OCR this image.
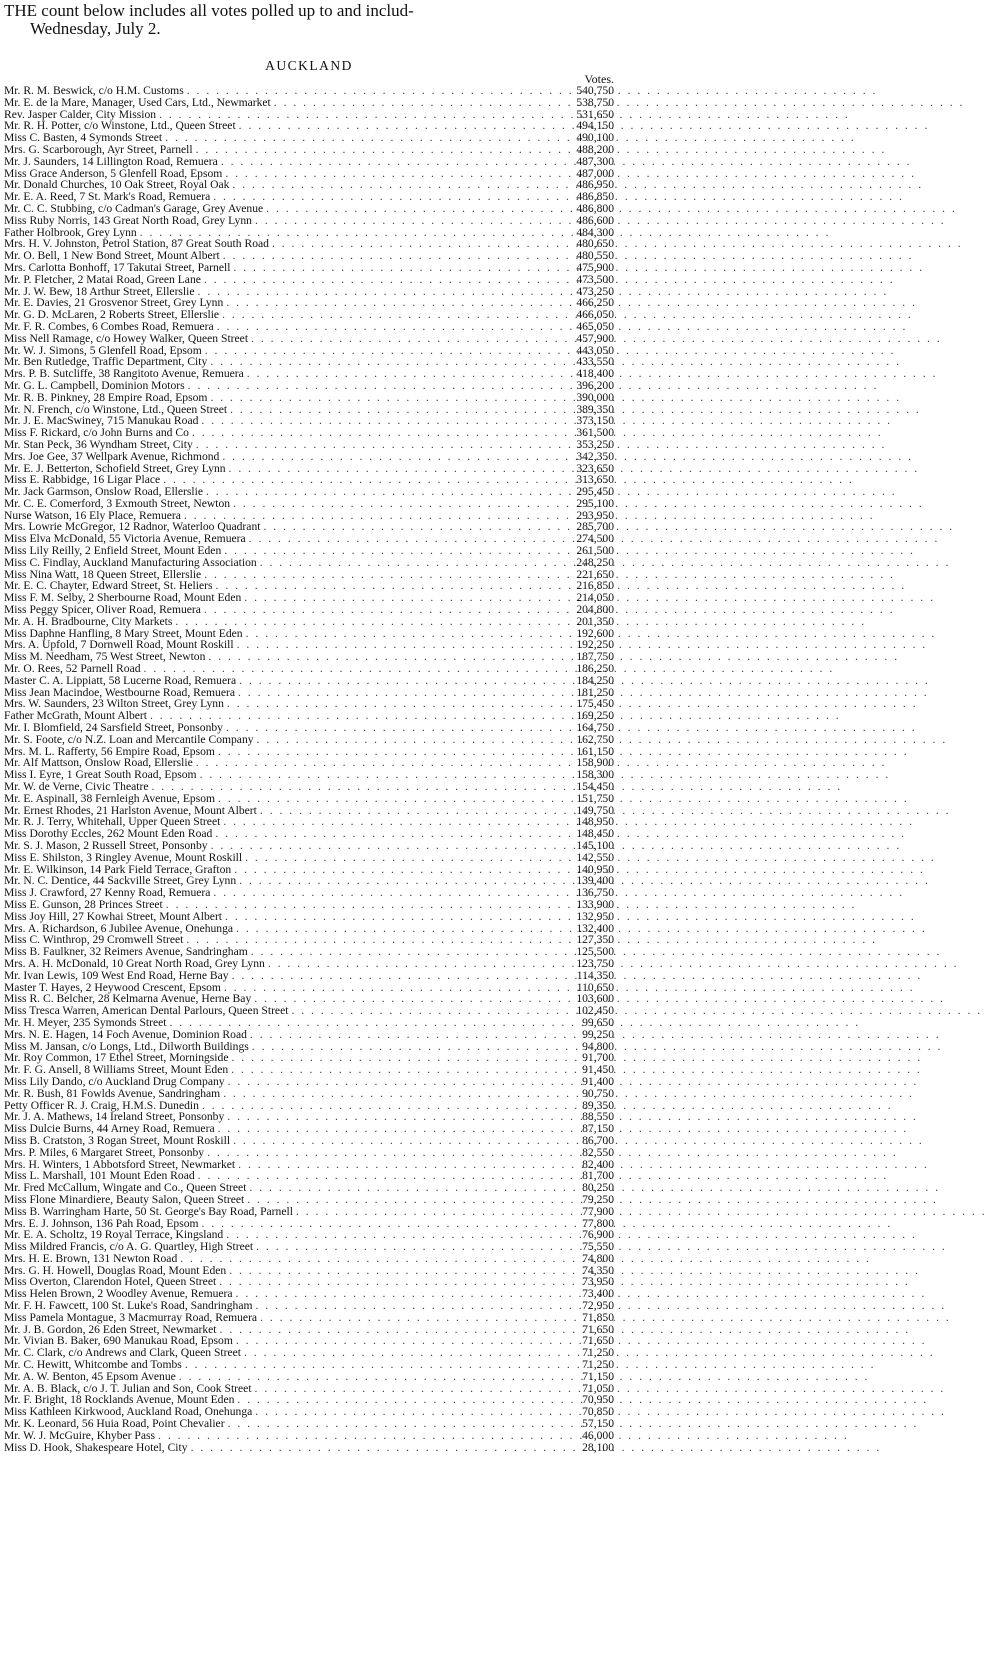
THE count below includes all votes polled up to and includ-
Wednesday, July 2.
AUCKLAND
Votes.
Mr. R. M. Beswick, c/o H.M. Customs . . .	540,750
Mr. E. de la Mare, Manager, Used Cars, Ltd., Newmarket . . .	538,750
Rev. Jasper Calder, City Mission . . .	531,650
Mr. R. H. Potter, c/o Winstone, Ltd., Queen Street . . .	494,150
Miss C. Basten, 4 Symonds Street . . .	490,100
Mrs. G. Scarborough, Ayr Street, Parnell . . .	488,200
Mr. J. Saunders, 14 Lillington Road, Remuera . . .	487,300
Miss Grace Anderson, 5 Glenfell Road, Epsom . . .	487,000
Mr. Donald Churches, 10 Oak Street, Royal Oak . . .	486,950
Mr. E. A. Reed, 7 St. Mark's Road, Remuera . . .	486,850
Mr. C. C. Stubbing, c/o Cadman's Garage, Grey Avenue . . .	486,800
Miss Ruby Norris, 143 Great North Road, Grey Lynn . . .	486,600
Father Holbrook, Grey Lynn . . .	484,300
Mrs. H. V. Johnston, Petrol Station, 87 Great South Road . . .	480,650
Mr. O. Bell, 1 New Bond Street, Mount Albert . . .	480,550
Mrs. Carlotta Bonhoff, 17 Takutai Street, Parnell . . .	475,900
Mr. P. Fletcher, 2 Matai Road, Green Lane . . .	473,500
Mr. J. W. Bew, 18 Arthur Street, Ellerslie . . .	473,250
Mr. E. Davies, 21 Grosvenor Street, Grey Lynn . . .	466,250
Mr. G. D. McLaren, 2 Roberts Street, Ellerslie . . .	466,050
Mr. F. R. Combes, 6 Combes Road, Remuera . . .	465,050
Miss Nell Ramage, c/o Howey Walker, Queen Street . . .	457,900
Mr. W. J. Simons, 5 Glenfell Road, Epsom . . .	443,050
Mr. Ben Rutledge, Traffic Department, City . . .	433,550
Mrs. P. B. Sutcliffe, 38 Rangitoto Avenue, Remuera . . .	418,400
Mr. G. L. Campbell, Dominion Motors . . .	396,200
Mr. R. B. Pinkney, 28 Empire Road, Epsom . . .	390,000
Mr. N. French, c/o Winstone, Ltd., Queen Street . . .	389,350
Mr. J. E. MacSwiney, 715 Manukau Road . . .	373,150
Miss F. Rickard, c/o John Burns and Co . . .	361,500
Mr. Stan Peck, 36 Wyndham Street, City . . .	353,250
Mrs. Joe Gee, 37 Wellpark Avenue, Richmond . . .	342,350
Mr. E. J. Betterton, Schofield Street, Grey Lynn . . .	323,650
Miss E. Rabbidge, 16 Ligar Place . . .	313,650
Mr. Jack Garmson, Onslow Road, Ellerslie . . .	295,450
Mr. C. E. Comerford, 3 Exmouth Street, Newton . . .	295,100
Nurse Watson, 16 Ely Place, Remuera . . .	293,950
Mrs. Lowrie McGregor, 12 Radnor, Waterloo Quadrant . . .	285,700
Miss Elva McDonald, 55 Victoria Avenue, Remuera . . .	274,500
Miss Lily Reilly, 2 Enfield Street, Mount Eden . . .	261,500
Miss C. Findlay, Auckland Manufacturing Association . . .	248,250
Miss Nina Watt, 18 Queen Street, Ellerslie . . .	221,650
Mr. E. C. Chayter, Edward Street, St. Heliers . . .	216,850
Miss F. M. Selby, 2 Sherbourne Road, Mount Eden . . .	214,050
Miss Peggy Spicer, Oliver Road, Remuera . . .	204,800
Mr. A. H. Bradbourne, City Markets . . .	201,350
Miss Daphne Hanfling, 8 Mary Street, Mount Eden . . .	192,600
Mrs. A. Upfold, 7 Dornwell Road, Mount Roskill . . .	192,250
Miss M. Needham, 75 West Street, Newton . . .	187,750
Mr. O. Rees, 52 Parnell Road . . .	186,250
Master C. A. Lippiatt, 58 Lucerne Road, Remuera . . .	184,250
Miss Jean Macindoe, Westbourne Road, Remuera . . .	181,250
Mrs. W. Saunders, 23 Wilton Street, Grey Lynn . . .	175,450
Father McGrath, Mount Albert . . .	169,250
Mr. I. Blomfield, 24 Sarsfield Street, Ponsonby . . .	164,750
Mr. S. Foote, c/o N.Z. Loan and Mercantile Company . . .	162,750
Mrs. M. L. Rafferty, 56 Empire Road, Epsom . . .	161,150
Mr. Alf Mattson, Onslow Road, Ellerslie . . .	158,900
Miss I. Eyre, 1 Great South Road, Epsom . . .	158,300
Mr. W. de Verne, Civic Theatre . . .	154,450
Mr. E. Aspinall, 38 Fernleigh Avenue, Epsom . . .	151,750
Mr. Ernest Rhodes, 21 Harlston Avenue, Mount Albert . . .	149,750
Mr. R. J. Terry, Whitehall, Upper Queen Street . . .	148,950
Miss Dorothy Eccles, 262 Mount Eden Road . . .	148,450
Mr. S. J. Mason, 2 Russell Street, Ponsonby . . .	145,100
Miss E. Shilston, 3 Ringley Avenue, Mount Roskill . . .	142,550
Mr. E. Wilkinson, 14 Park Field Terrace, Grafton . . .	140,950
Mr. N. C. Dentice, 44 Sackville Street, Grey Lynn . . .	139,400
Miss J. Crawford, 27 Kenny Road, Remuera . . .	136,750
Miss E. Gunson, 28 Princes Street . . .	133,900
Miss Joy Hill, 27 Kowhai Street, Mount Albert . . .	132,950
Mrs. A. Richardson, 6 Jubilee Avenue, Onehunga . . .	132,400
Miss C. Winthrop, 29 Cromwell Street . . .	127,350
Miss B. Faulkner, 32 Reimers Avenue, Sandringham . . .	125,500
Mrs. A. H. McDonald, 10 Great North Road, Grey Lynn . . .	123,750
Mr. Ivan Lewis, 109 West End Road, Herne Bay . . .	114,350
Master T. Hayes, 2 Heywood Crescent, Epsom . . .	110,650
Miss R. C. Belcher, 28 Kelmarna Avenue, Herne Bay . . .	103,600
Miss Tresca Warren, American Dental Parlours, Queen Street . . .	102,450
Mr. H. Meyer, 235 Symonds Street . . .	99,650
Mrs. N. E. Hagen, 14 Foch Avenue, Dominion Road . . .	99,250
Miss M. Jansan, c/o Longs, Ltd., Dilworth Buildings . . .	94,800
Mr. Roy Common, 17 Ethel Street, Morningside . . .	91,700
Mr. F. G. Ansell, 8 Williams Street, Mount Eden . . .	91,450
Miss Lily Dando, c/o Auckland Drug Company . . .	91,400
Mr. R. Bush, 81 Fowlds Avenue, Sandringham . . .	90,750
Petty Officer R. J. Craig, H.M.S. Dunedin . . .	89,350
Mr. J. A. Mathews, 14 Ireland Street, Ponsonby . . .	88,550
Miss Dulcie Burns, 44 Arney Road, Remuera . . .	87,150
Miss B. Cratston, 3 Rogan Street, Mount Roskill . . .	86,700
Mrs. P. Miles, 6 Margaret Street, Ponsonby . . .	82,550
Mrs. H. Winters, 1 Abbotsford Street, Newmarket . . .	82,400
Miss L. Marshall, 101 Mount Eden Road . . .	81,700
Mr. Fred McCallum, Wingate and Co., Queen Street . . .	80,250
Miss Flone Minardiere, Beauty Salon, Queen Street . . .	79,250
Miss B. Warringham Harte, 50 St. George's Bay Road, Parnell . . .	77,900
Mrs. E. J. Johnson, 136 Pah Road, Epsom . . .	77,800
Mr. E. A. Scholtz, 19 Royal Terrace, Kingsland . . .	76,900
Miss Mildred Francis, c/o A. G. Quartley, High Street . . .	75,550
Mrs. H. E. Brown, 131 Newton Road . . .	74,800
Mrs. G. H. Howell, Douglas Road, Mount Eden . . .	74,350
Miss Overton, Clarendon Hotel, Queen Street . . .	73,950
Miss Helen Brown, 2 Woodley Avenue, Remuera . . .	73,400
Mr. F. H. Fawcett, 100 St. Luke's Road, Sandringham . . .	72,950
Miss Pamela Montague, 3 Macmurray Road, Remuera . . .	71,850
Mr. J. B. Gordon, 26 Eden Street, Newmarket . . .	71,650
Mr. Vivian B. Baker, 690 Manukau Road, Epsom . . .	71,650
Mr. C. Clark, c/o Andrews and Clark, Queen Street . . .	71,250
Mr. C. Hewitt, Whitcombe and Tombs . . .	71,250
Mr. A. W. Benton, 45 Epsom Avenue . . .	71,150
Mr. A. B. Black, c/o J. T. Julian and Son, Cook Street . . .	71,050
Mr. F. Bright, 18 Rocklands Avenue, Mount Eden . . .	70,950
Miss Kathleen Kirkwood, Auckland Road, Onehunga . . .	70,850
Mr. K. Leonard, 56 Huia Road, Point Chevalier . . .	57,150
Mr. W. J. McGuire, Khyber Pass . . .	46,000
Miss D. Hook, Shakespeare Hotel, City . . .	28,100
